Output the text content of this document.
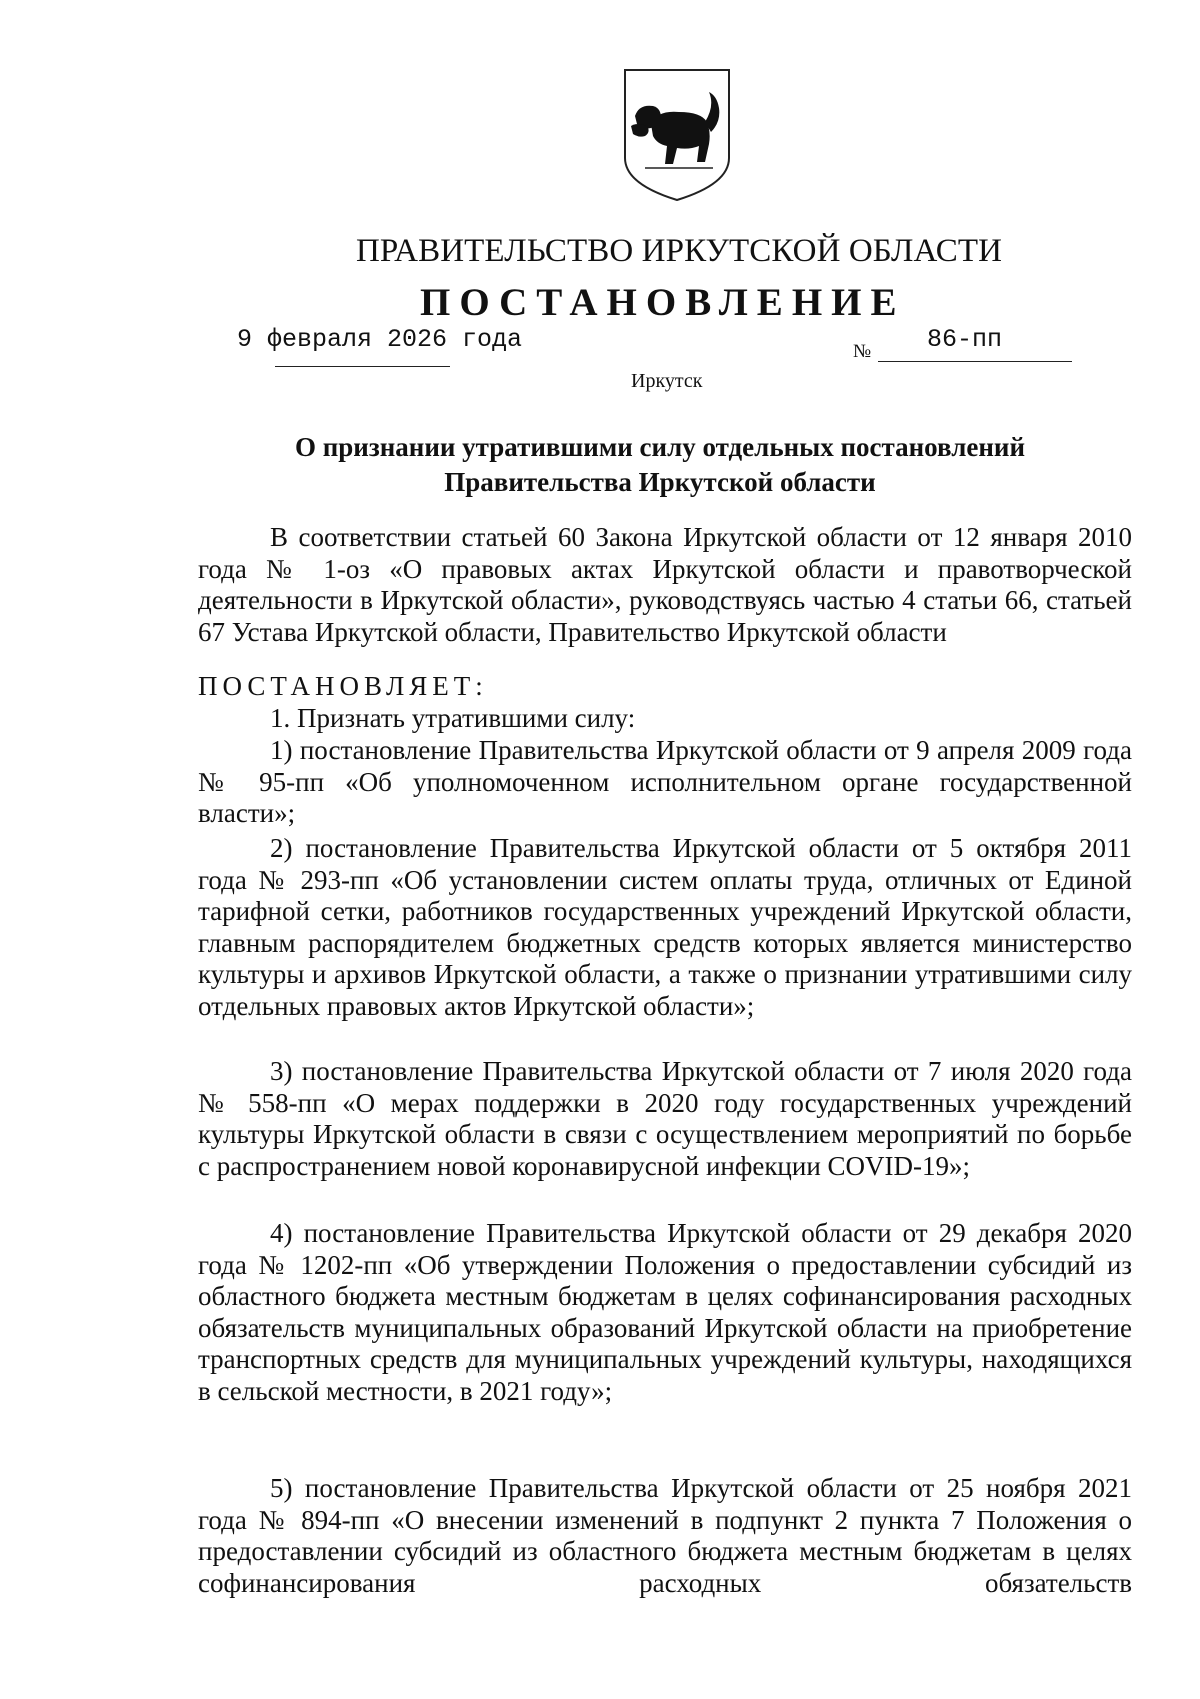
ПРАВИТЕЛЬСТВО ИРКУТСКОЙ ОБЛАСТИ
ПОСТАНОВЛЕНИЕ
9 февраля 2026 года	№ 86-пп
Иркутск
О признании утратившими силу отдельных постановлений
Правительства Иркутской области
В соответствии статьей 60 Закона Иркутской области от 12 января 2010 года № 1-оз «О правовых актах Иркутской области и правотворческой деятельности в Иркутской области», руководствуясь частью 4 статьи 66, статьей 67 Устава Иркутской области, Правительство Иркутской области
ПОСТАНОВЛЯЕТ:
1. Признать утратившими силу:
1) постановление Правительства Иркутской области от 9 апреля 2009 года № 95-пп «Об уполномоченном исполнительном органе государственной власти»;
2) постановление Правительства Иркутской области от 5 октября 2011 года № 293-пп «Об установлении систем оплаты труда, отличных от Единой тарифной сетки, работников государственных учреждений Иркутской области, главным распорядителем бюджетных средств которых является министерство культуры и архивов Иркутской области, а также о признании утратившими силу отдельных правовых актов Иркутской области»;
3) постановление Правительства Иркутской области от 7 июля 2020 года № 558-пп «О мерах поддержки в 2020 году государственных учреждений культуры Иркутской области в связи с осуществлением мероприятий по борьбе с распространением новой коронавирусной инфекции COVID-19»;
4) постановление Правительства Иркутской области от 29 декабря 2020 года № 1202-пп «Об утверждении Положения о предоставлении субсидий из областного бюджета местным бюджетам в целях софинансирования расходных обязательств муниципальных образований Иркутской области на приобретение транспортных средств для муниципальных учреждений культуры, находящихся в сельской местности, в 2021 году»;
5) постановление Правительства Иркутской области от 25 ноября 2021 года № 894-пп «О внесении изменений в подпункт 2 пункта 7 Положения о предоставлении субсидий из областного бюджета местным бюджетам в целях софинансирования расходных обязательств
